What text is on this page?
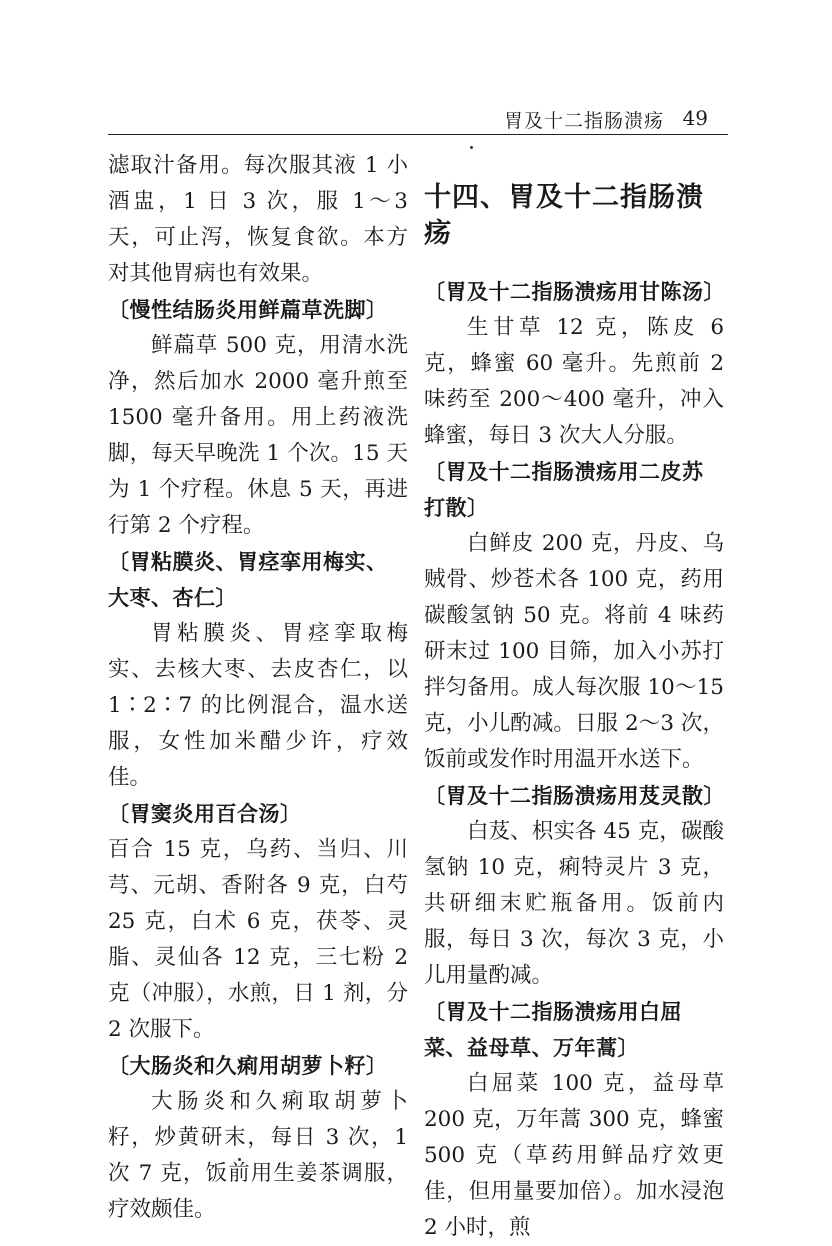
胃及十二指肠溃疡 49

滤取汁备用。每次服其液 1 小酒盅，1 日 3 次，服 1～3 天，可止泻，恢复食欲。本方对其他胃病也有效果。

〔慢性结肠炎用鲜萹草洗脚〕

鲜萹草 500 克，用清水洗净，然后加水 2000 毫升煎至 1500 毫升备用。用上药液洗脚，每天早晚洗 1 个次。15 天为 1 个疗程。休息 5 天，再进行第 2 个疗程。

〔胃粘膜炎、胃痉挛用梅实、大枣、杏仁〕

胃粘膜炎、胃痉挛取梅实、去核大枣、去皮杏仁，以 1∶2∶7 的比例混合，温水送服，女性加米醋少许，疗效佳。

〔胃窦炎用百合汤〕

百合 15 克，乌药、当归、川芎、元胡、香附各 9 克，白芍 25 克，白术 6 克，茯苓、灵脂、灵仙各 12 克，三七粉 2 克（冲服），水煎，日 1 剂，分 2 次服下。

〔大肠炎和久痢用胡萝卜籽〕

大肠炎和久痢取胡萝卜籽，炒黄研末，每日 3 次，1 次 7 克，饭前用生姜茶调服，疗效颇佳。

十四、胃及十二指肠溃疡
〔胃及十二指肠溃疡用甘陈汤〕

生甘草 12 克，陈皮 6 克，蜂蜜 60 毫升。先煎前 2 味药至 200～400 毫升，冲入蜂蜜，每日 3 次大人分服。

〔胃及十二指肠溃疡用二皮苏打散〕

白鲜皮 200 克，丹皮、乌贼骨、炒苍术各 100 克，药用碳酸氢钠 50 克。将前 4 味药研末过 100 目筛，加入小苏打拌匀备用。成人每次服 10～15 克，小儿酌减。日服 2～3 次，饭前或发作时用温开水送下。

〔胃及十二指肠溃疡用芨灵散〕

白芨、枳实各 45 克，碳酸氢钠 10 克，痢特灵片 3 克，共研细末贮瓶备用。饭前内服，每日 3 次，每次 3 克，小儿用量酌减。

〔胃及十二指肠溃疡用白屈菜、益母草、万年蒿〕

白屈菜 100 克，益母草 200 克，万年蒿 300 克，蜂蜜 500 克（草药用鲜品疗效更佳，但用量要加倍）。加水浸泡 2 小时，煎
